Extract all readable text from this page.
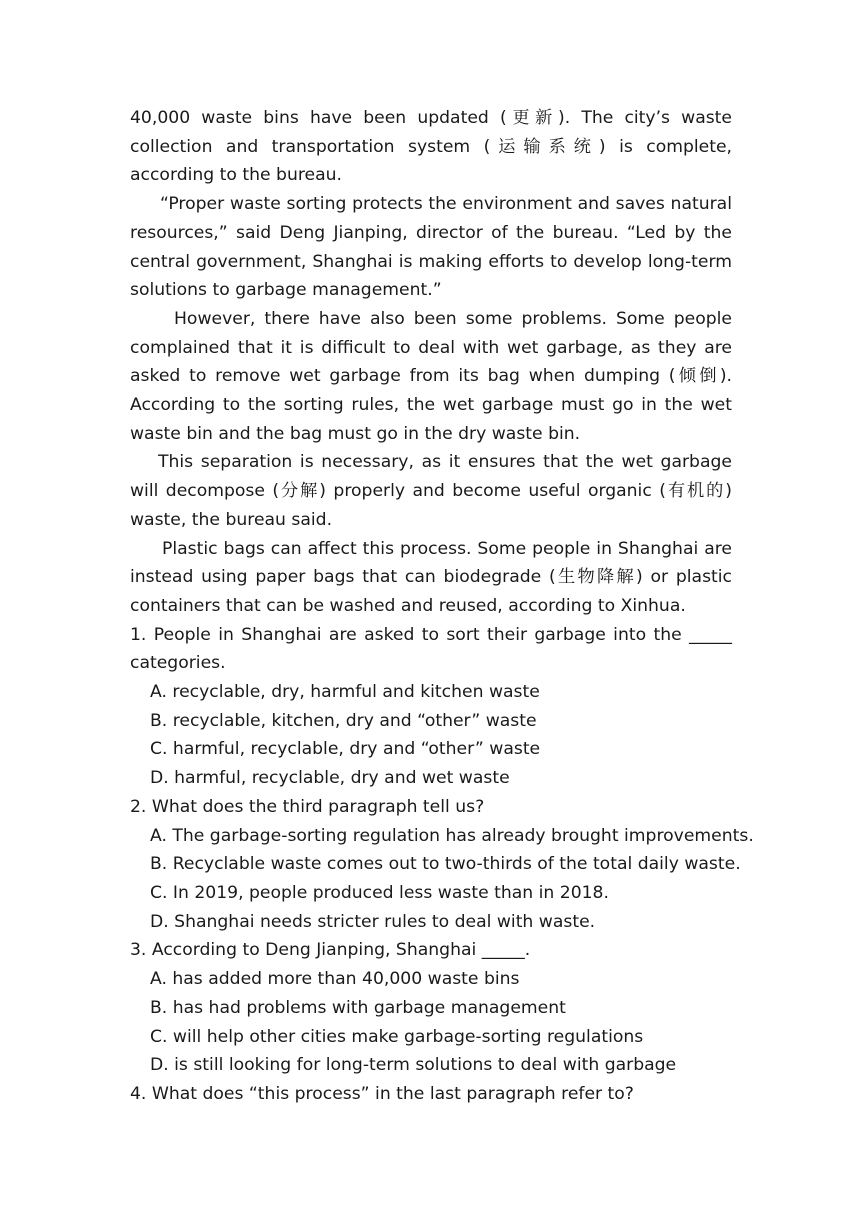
40,000 waste bins have been updated (更新). The city’s waste collection and transportation system (运输系统) is complete, according to the bureau.

“Proper waste sorting protects the environment and saves natural resources,” said Deng Jianping, director of the bureau. “Led by the central government, Shanghai is making efforts to develop long-term solutions to garbage management.”

However, there have also been some problems. Some people complained that it is difficult to deal with wet garbage, as they are asked to remove wet garbage from its bag when dumping (倾倒). According to the sorting rules, the wet garbage must go in the wet waste bin and the bag must go in the dry waste bin.

This separation is necessary, as it ensures that the wet garbage will decompose (分解) properly and become useful organic (有机的) waste, the bureau said.

Plastic bags can affect this process. Some people in Shanghai are instead using paper bags that can biodegrade (生物降解) or plastic containers that can be washed and reused, according to Xinhua.

1. People in Shanghai are asked to sort their garbage into the _____ categories.

A. recyclable, dry, harmful and kitchen waste

B. recyclable, kitchen, dry and “other” waste

C. harmful, recyclable, dry and “other” waste

D. harmful, recyclable, dry and wet waste

2. What does the third paragraph tell us?

A. The garbage-sorting regulation has already brought improvements.

B. Recyclable waste comes out to two-thirds of the total daily waste.

C. In 2019, people produced less waste than in 2018.

D. Shanghai needs stricter rules to deal with waste.

3. According to Deng Jianping, Shanghai _____.

A. has added more than 40,000 waste bins

B. has had problems with garbage management

C. will help other cities make garbage-sorting regulations

D. is still looking for long-term solutions to deal with garbage

4. What does “this process” in the last paragraph refer to?
